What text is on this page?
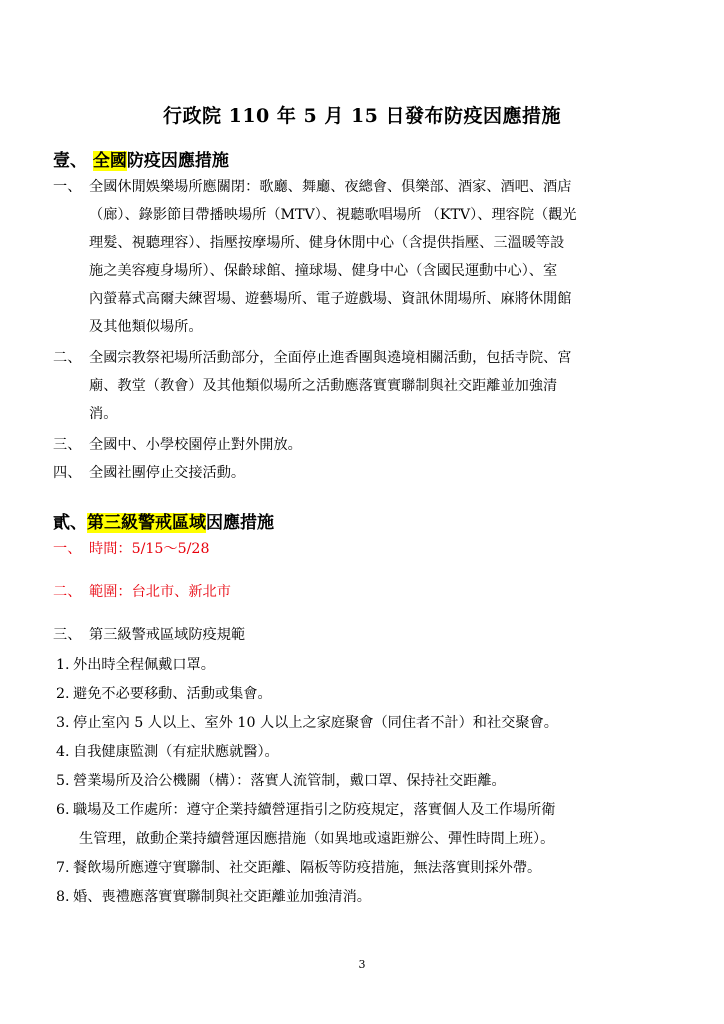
行政院 110 年 5 月 15 日發布防疫因應措施
壹、 全國防疫因應措施
一、 全國休閒娛樂場所應關閉：歌廳、舞廳、夜總會、俱樂部、酒家、酒吧、酒店
（廊）、錄影節目帶播映場所（MTV）、視聽歌唱場所 （KTV）、理容院（觀光
理髮、視聽理容）、指壓按摩場所、健身休閒中心（含提供指壓、三溫暖等設
施之美容瘦身場所）、保齡球館、撞球場、健身中心（含國民運動中心）、室
內螢幕式高爾夫練習場、遊藝場所、電子遊戲場、資訊休閒場所、麻將休閒館
及其他類似場所。
二、 全國宗教祭祀場所活動部分，全面停止進香團與遶境相關活動，包括寺院、宮
廟、教堂（教會）及其他類似場所之活動應落實實聯制與社交距離並加強清
消。
三、 全國中、小學校園停止對外開放。
四、 全國社團停止交接活動。
貳、第三級警戒區域因應措施
一、 時間：5/15～5/28
二、 範圍：台北市、新北市
三、 第三級警戒區域防疫規範
1. 外出時全程佩戴口罩。
2. 避免不必要移動、活動或集會。
3. 停止室內 5 人以上、室外 10 人以上之家庭聚會（同住者不計）和社交聚會。
4. 自我健康監測（有症狀應就醫）。
5. 營業場所及洽公機關（構）：落實人流管制，戴口罩、保持社交距離。
6. 職場及工作處所：遵守企業持續營運指引之防疫規定，落實個人及工作場所衛
生管理，啟動企業持續營運因應措施（如異地或遠距辦公、彈性時間上班）。
7. 餐飲場所應遵守實聯制、社交距離、隔板等防疫措施，無法落實則採外帶。
8. 婚、喪禮應落實實聯制與社交距離並加強清消。
3
